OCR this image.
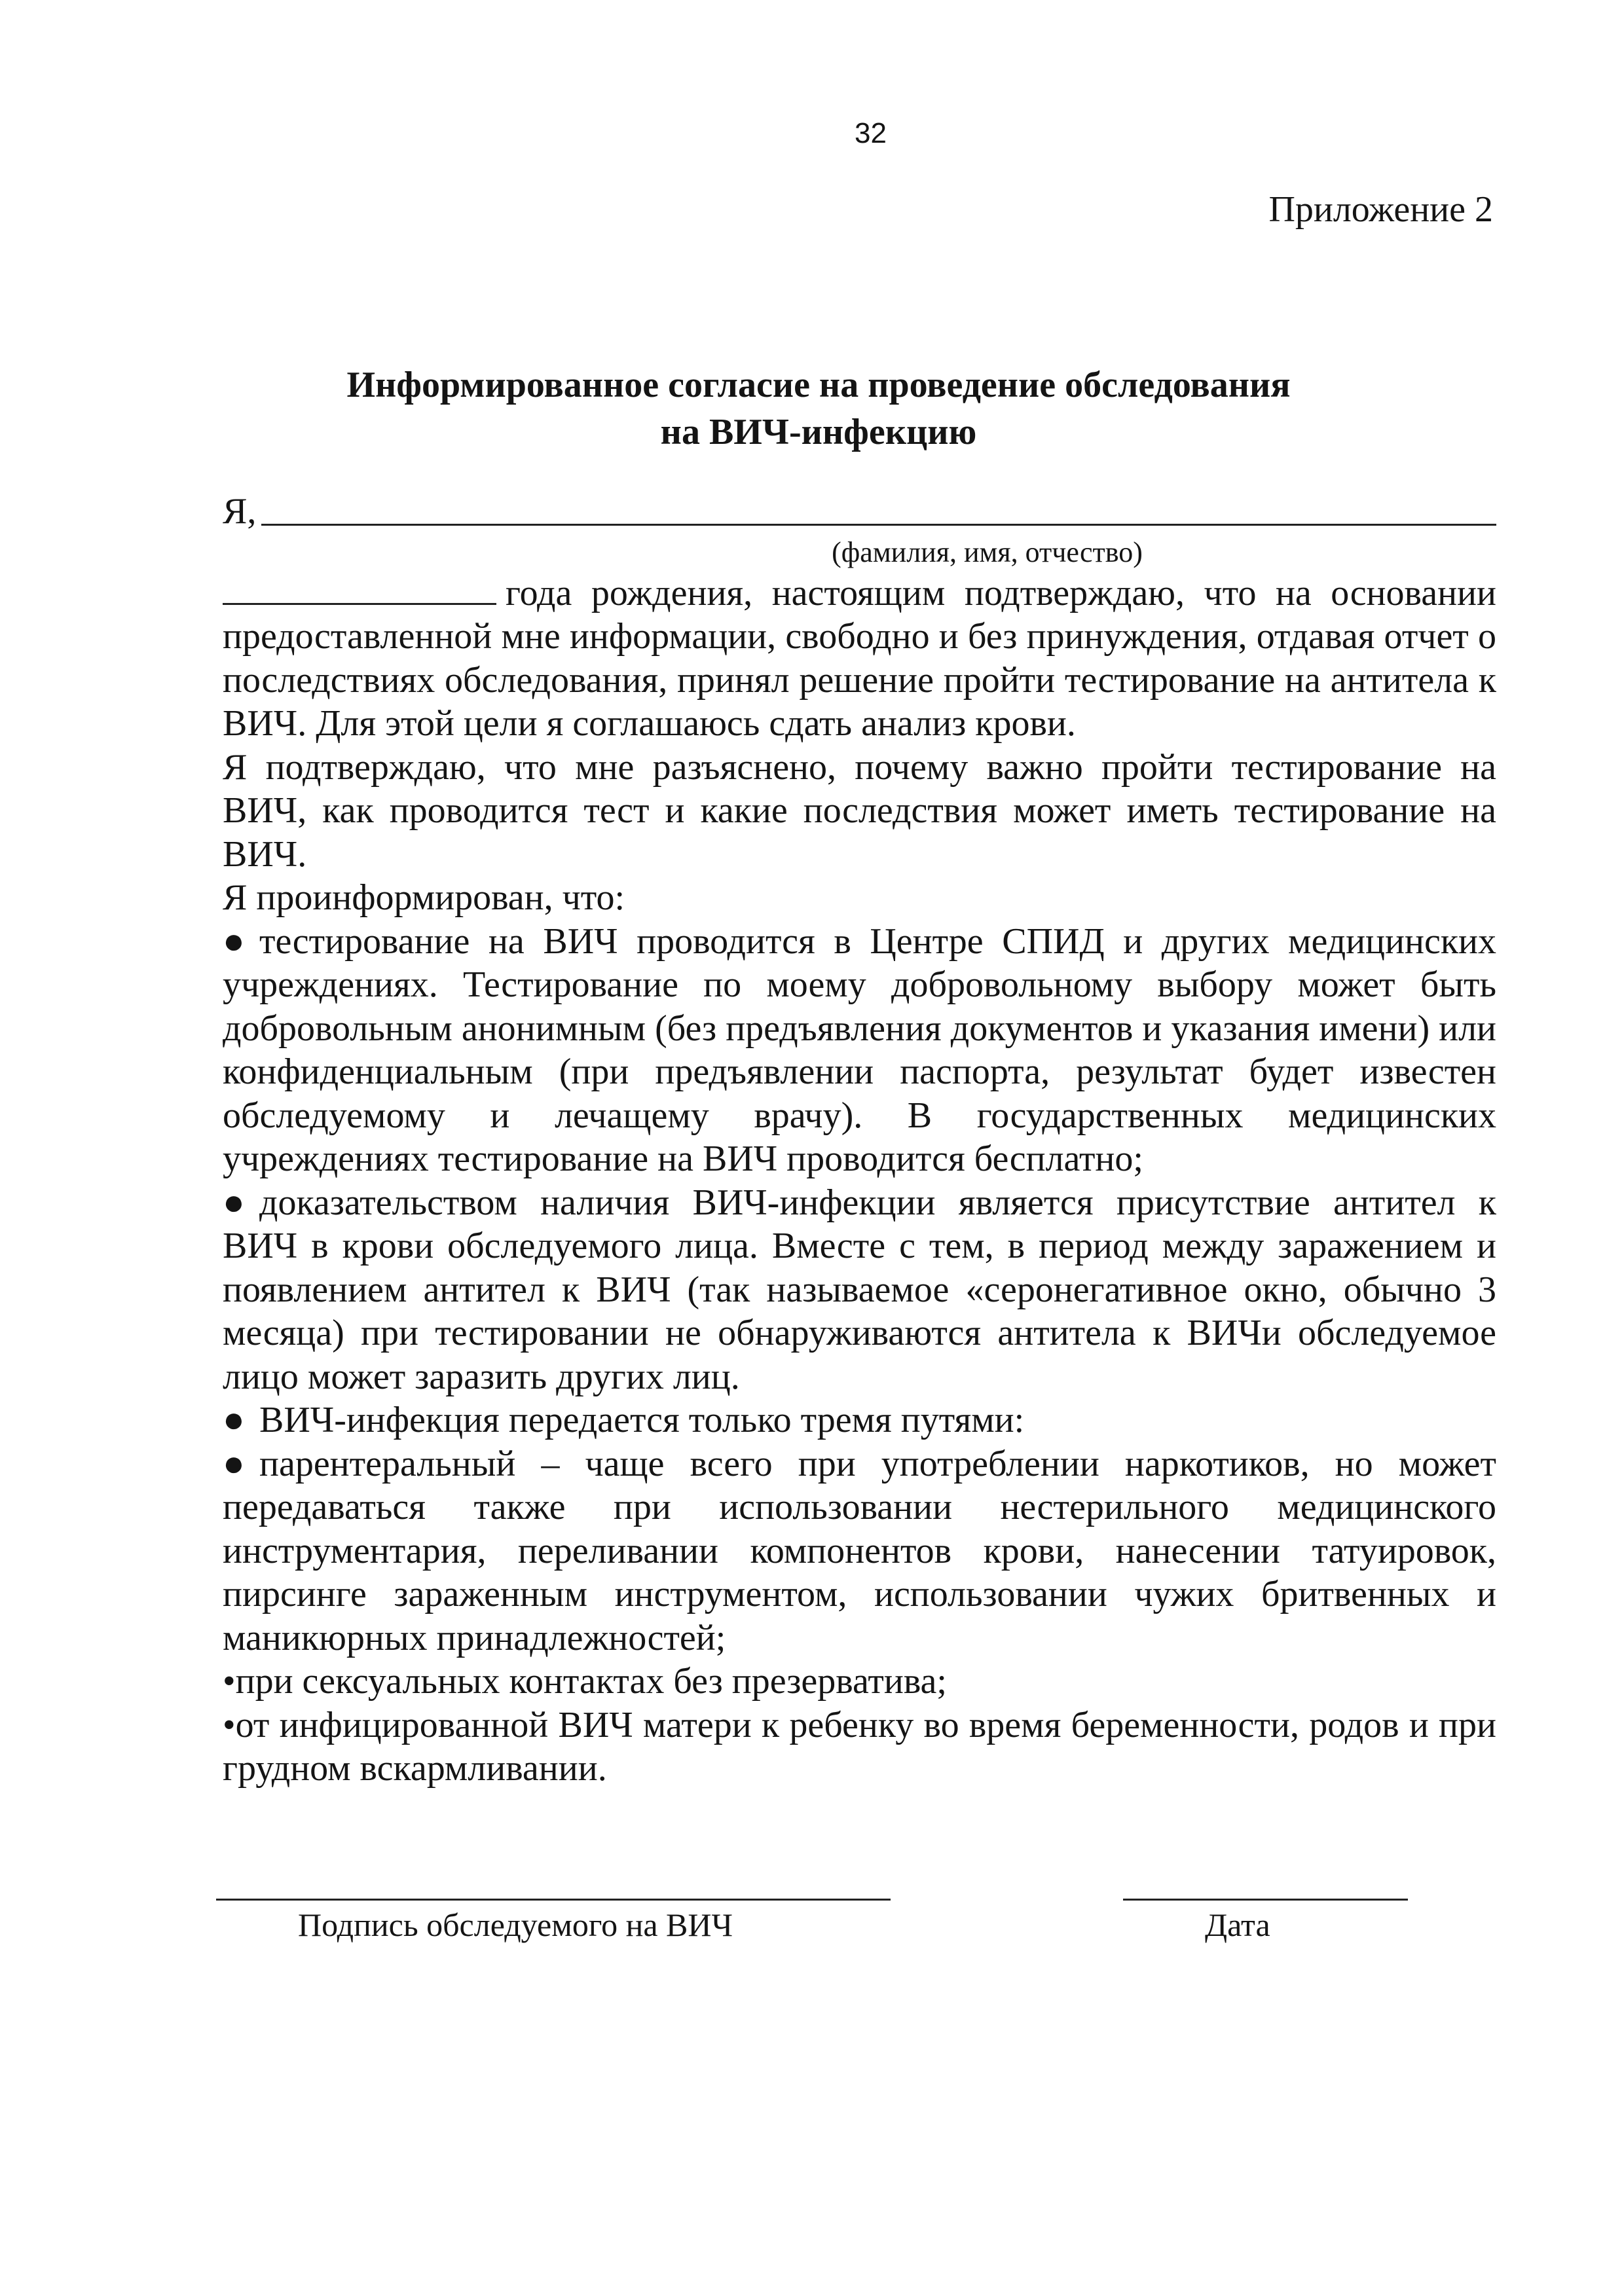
32
Приложение 2
Информированное согласие на проведение обследования
на ВИЧ-инфекцию
Я,
(фамилия, имя, отчество)

года рождения, настоящим подтверждаю, что на основании предоставленной мне информации, свободно и без принуждения, отдавая отчет о последствиях обследования, принял решение пройти тестирование на антитела к ВИЧ. Для этой цели я соглашаюсь сдать анализ крови.

Я подтверждаю, что мне разъяснено, почему важно пройти тестирование на ВИЧ, как проводится тест и какие последствия может иметь тестирование на ВИЧ.

Я проинформирован, что:

● тестирование на ВИЧ проводится в Центре СПИД и других медицинских учреждениях. Тестирование по моему добровольному выбору может быть добровольным анонимным (без предъявления документов и указания имени) или конфиденциальным (при предъявлении паспорта, результат будет известен обследуемому и лечащему врачу). В государственных медицинских учреждениях тестирование на ВИЧ проводится бесплатно;

● доказательством наличия ВИЧ-инфекции является присутствие антител к ВИЧ в крови обследуемого лица. Вместе с тем, в период между заражением и появлением антител к ВИЧ (так называемое «серонегативное окно, обычно 3 месяца) при тестировании не обнаруживаются антитела к ВИЧи обследуемое лицо может заразить других лиц.

● ВИЧ-инфекция передается только тремя путями:

● парентеральный – чаще всего при употреблении наркотиков, но может передаваться также при использовании нестерильного медицинского инструментария, переливании компонентов крови, нанесении татуировок, пирсинге зараженным инструментом, использовании чужих бритвенных и маникюрных принадлежностей;

•при сексуальных контактах без презерватива;

•от инфицированной ВИЧ матери к ребенку во время беременности, родов и при грудном вскармливании.

Подпись обследуемого на ВИЧ	Дата
